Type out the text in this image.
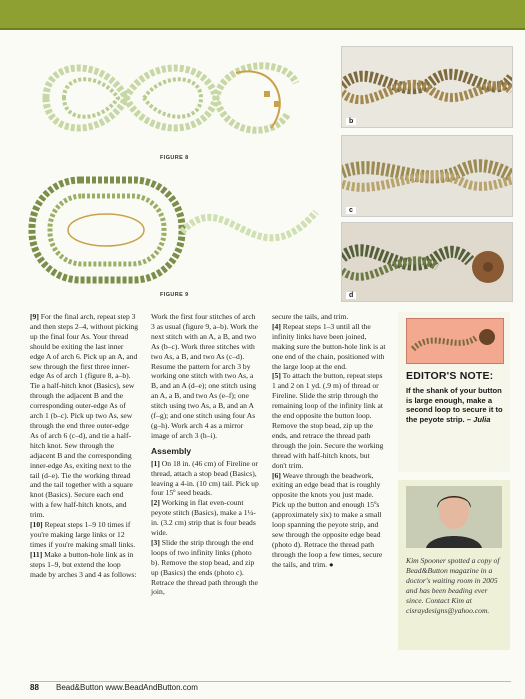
FIGURE 8
FIGURE 9
b
c
d

[9] For the final arch, repeat step 3 and then steps 2–4, without picking up the final four As. Your thread should be exiting the last inner edge A of arch 6. Pick up an A, and sew through the first three inner-edge As of arch 1 (figure 8, a–b). Tie a half-hitch knot (Basics), sew through the adjacent B and the corresponding outer-edge As of arch 1 (b–c). Pick up two As, sew through the end three outer-edge As of arch 6 (c–d), and tie a half-hitch knot. Sew through the adjacent B and the corresponding inner-edge As, exiting next to the tail (d–e). Tie the working thread and the tail together with a square knot (Basics). Secure each end with a few half-hitch knots, and trim.

[10] Repeat steps 1–9 10 times if you're making large links or 12 times if you're making small links.

[11] Make a button-hole link as in steps 1–9, but extend the loop made by arches 3 and 4 as follows:

Work the first four stitches of arch 3 as usual (figure 9, a–b). Work the next stitch with an A, a B, and two As (b–c). Work three stitches with two As, a B, and two As (c–d). Resume the pattern for arch 3 by working one stitch with two As, a B, and an A (d–e); one stitch using an A, a B, and two As (e–f); one stitch using two As, a B, and an A (f–g); and one stitch using four As (g–h). Work arch 4 as a mirror image of arch 3 (h–i).

Assembly

[1] On 18 in. (46 cm) of Fireline or thread, attach a stop bead (Basics), leaving a 4-in. (10 cm) tail. Pick up four 15º seed beads.

[2] Working in flat even-count peyote stitch (Basics), make a 1¼-in. (3.2 cm) strip that is four beads wide.

[3] Slide the strip through the end loops of two infinity links (photo b). Remove the stop bead, and zip up (Basics) the ends (photo c). Retrace the thread path through the join,

secure the tails, and trim.

[4] Repeat steps 1–3 until all the infinity links have been joined, making sure the button-hole link is at one end of the chain, positioned with the large loop at the end.

[5] To attach the button, repeat steps 1 and 2 on 1 yd. (.9 m) of thread or Fireline. Slide the strip through the remaining loop of the infinity link at the end opposite the button loop. Remove the stop bead, zip up the ends, and retrace the thread path through the join. Secure the working thread with half-hitch knots, but don't trim.

[6] Weave through the beadwork, exiting an edge bead that is roughly opposite the knots you just made. Pick up the button and enough 15ºs (approximately six) to make a small loop spanning the peyote strip, and sew through the opposite edge bead (photo d). Retrace the thread path through the loop a few times, secure the tails, and trim. ●

EDITOR'S NOTE:
If the shank of your button is large enough, make a second loop to secure it to the peyote strip. – Julia
Kim Spooner spotted a copy of Bead&Button magazine in a doctor's waiting room in 2005 and has been beading ever since. Contact Kim at cisraydesigns@yahoo.com.
88 Bead&Button www.BeadAndButton.com
